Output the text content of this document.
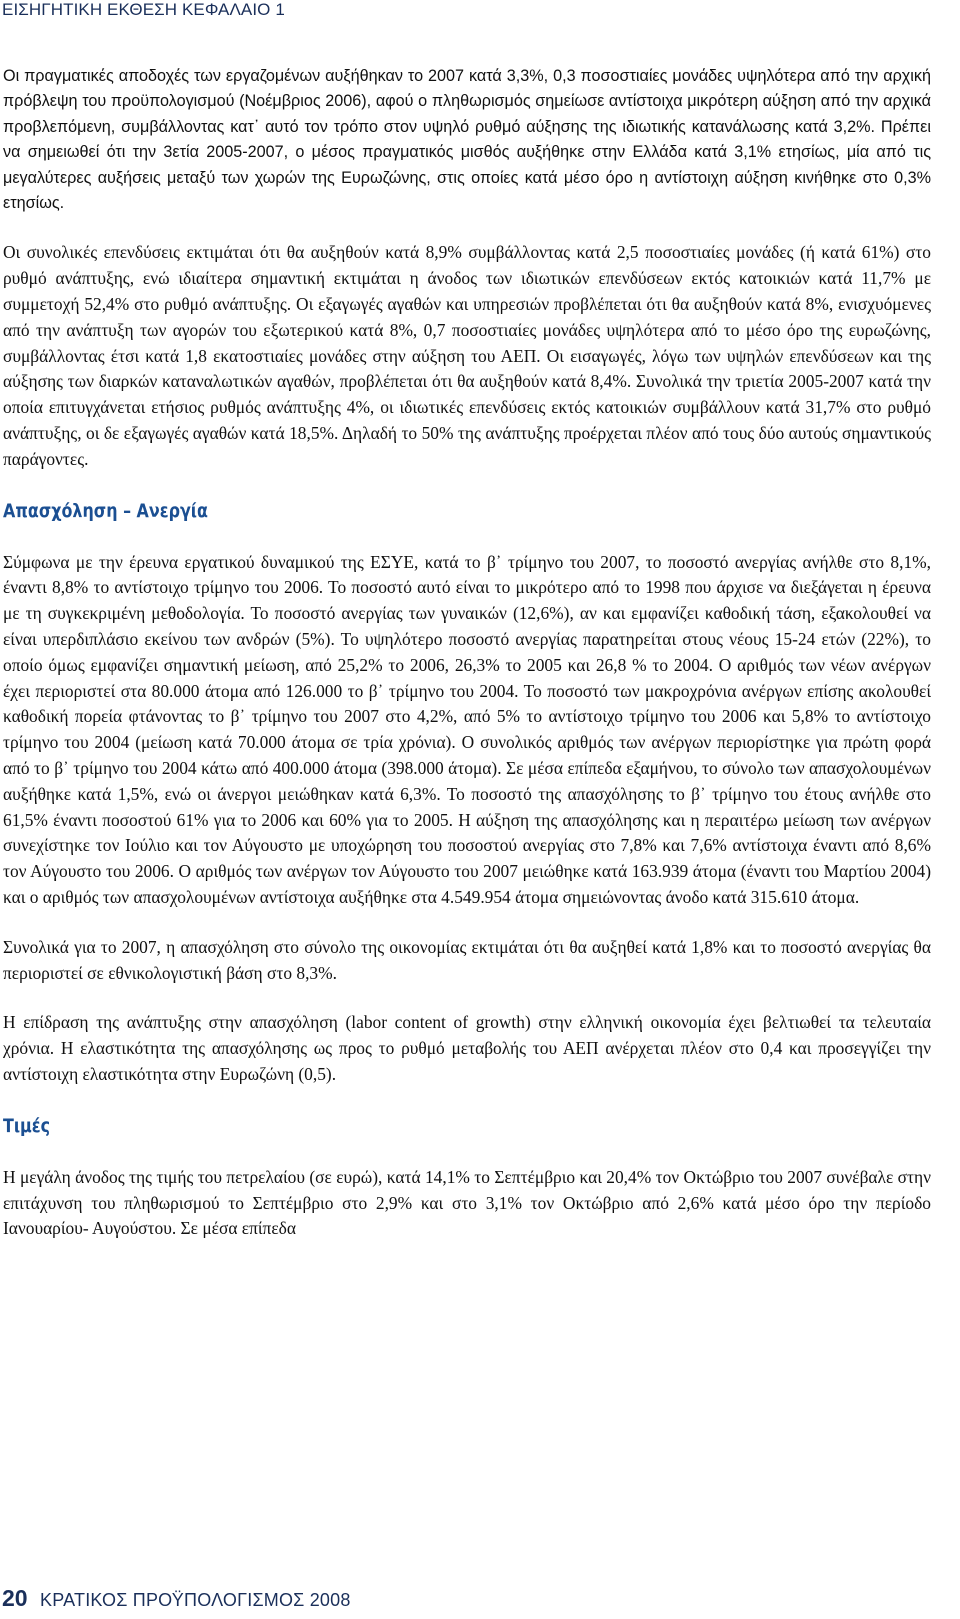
ΕΙΣΗΓΗΤΙΚΗ ΕΚΘΕΣΗ ΚΕΦΑΛΑΙΟ 1

Οι πραγματικές αποδοχές των εργαζομένων αυξήθηκαν το 2007 κατά 3,3%, 0,3 ποσοστιαίες μονάδες υψηλότερα από την αρχική πρόβλεψη του προϋπολογισμού (Νοέμβριος 2006), αφού ο πληθωρισμός σημείωσε αντίστοιχα μικρότερη αύξηση από την αρχικά προβλεπόμενη, συμβάλλοντας κατ᾽ αυτό τον τρόπο στον υψηλό ρυθμό αύξησης της ιδιωτικής κατανάλωσης κατά 3,2%. Πρέπει να σημειωθεί ότι την 3ετία 2005-2007, ο μέσος πραγματικός μισθός αυξήθηκε στην Ελλάδα κατά 3,1% ετησίως, μία από τις μεγαλύτερες αυξήσεις μεταξύ των χωρών της Ευρωζώνης, στις οποίες κατά μέσο όρο η αντίστοιχη αύξηση κινήθηκε στο 0,3% ετησίως.

Οι συνολικές επενδύσεις εκτιμάται ότι θα αυξηθούν κατά 8,9% συμβάλλοντας κατά 2,5 ποσοστιαίες μονάδες (ή κατά 61%) στο ρυθμό ανάπτυξης, ενώ ιδιαίτερα σημαντική εκτιμάται η άνοδος των ιδιωτικών επενδύσεων εκτός κατοικιών κατά 11,7% με συμμετοχή 52,4% στο ρυθμό ανάπτυξης. Οι εξαγωγές αγαθών και υπηρεσιών προβλέπεται ότι θα αυξηθούν κατά 8%, ενισχυόμενες από την ανάπτυξη των αγορών του εξωτερικού κατά 8%, 0,7 ποσοστιαίες μονάδες υψηλότερα από το μέσο όρο της ευρωζώνης, συμβάλλοντας έτσι κατά 1,8 εκατοστιαίες μονάδες στην αύξηση του ΑΕΠ. Οι εισαγωγές, λόγω των υψηλών επενδύσεων και της αύξησης των διαρκών καταναλωτικών αγαθών, προβλέπεται ότι θα αυξηθούν κατά 8,4%. Συνολικά την τριετία 2005-2007 κατά την οποία επιτυγχάνεται ετήσιος ρυθμός ανάπτυξης 4%, οι ιδιωτικές επενδύσεις εκτός κατοικιών συμβάλλουν κατά 31,7% στο ρυθμό ανάπτυξης, οι δε εξαγωγές αγαθών κατά 18,5%. Δηλαδή το 50% της ανάπτυξης προέρχεται πλέον από τους δύο αυτούς σημαντικούς παράγοντες.

Απασχόληση – Ανεργία

Σύμφωνα με την έρευνα εργατικού δυναμικού της ΕΣΥΕ, κατά το β᾽ τρίμηνο του 2007, το ποσοστό ανεργίας ανήλθε στο 8,1%, έναντι 8,8% το αντίστοιχο τρίμηνο του 2006. Το ποσοστό αυτό είναι το μικρότερο από το 1998 που άρχισε να διεξάγεται η έρευνα με τη συγκεκριμένη μεθοδολογία. Το ποσοστό ανεργίας των γυναικών (12,6%), αν και εμφανίζει καθοδική τάση, εξακολουθεί να είναι υπερδιπλάσιο εκείνου των ανδρών (5%). Το υψηλότερο ποσοστό ανεργίας παρατηρείται στους νέους 15-24 ετών (22%), το οποίο όμως εμφανίζει σημαντική μείωση, από 25,2% το 2006, 26,3% το 2005 και 26,8 % το 2004. Ο αριθμός των νέων ανέργων έχει περιοριστεί στα 80.000 άτομα από 126.000 το β᾽ τρίμηνο του 2004. Το ποσοστό των μακροχρόνια ανέργων επίσης ακολουθεί καθοδική πορεία φτάνοντας το β᾽ τρίμηνο του 2007 στο 4,2%, από 5% το αντίστοιχο τρίμηνο του 2006 και 5,8% το αντίστοιχο τρίμηνο του 2004 (μείωση κατά 70.000 άτομα σε τρία χρόνια). Ο συνολικός αριθμός των ανέργων περιορίστηκε για πρώτη φορά από το β᾽ τρίμηνο του 2004 κάτω από 400.000 άτομα (398.000 άτομα). Σε μέσα επίπεδα εξαμήνου, το σύνολο των απασχολουμένων αυξήθηκε κατά 1,5%, ενώ οι άνεργοι μειώθηκαν κατά 6,3%. Το ποσοστό της απασχόλησης το β᾽ τρίμηνο του έτους ανήλθε στο 61,5% έναντι ποσοστού 61% για το 2006 και 60% για το 2005. Η αύξηση της απασχόλησης και η περαιτέρω μείωση των ανέργων συνεχίστηκε τον Ιούλιο και τον Αύγουστο με υποχώρηση του ποσοστού ανεργίας στο 7,8% και 7,6% αντίστοιχα έναντι από 8,6% τον Αύγουστο του 2006. Ο αριθμός των ανέργων τον Αύγουστο του 2007 μειώθηκε κατά 163.939 άτομα (έναντι του Μαρτίου 2004) και ο αριθμός των απασχολουμένων αντίστοιχα αυξήθηκε στα 4.549.954 άτομα σημειώνοντας άνοδο κατά 315.610 άτομα.

Συνολικά για το 2007, η απασχόληση στο σύνολο της οικονομίας εκτιμάται ότι θα αυξηθεί κατά 1,8% και το ποσοστό ανεργίας θα περιοριστεί σε εθνικολογιστική βάση στο 8,3%.

Η επίδραση της ανάπτυξης στην απασχόληση (labor content of growth) στην ελληνική οικονομία έχει βελτιωθεί τα τελευταία χρόνια. Η ελαστικότητα της απασχόλησης ως προς το ρυθμό μεταβολής του ΑΕΠ ανέρχεται πλέον στο 0,4 και προσεγγίζει την αντίστοιχη ελαστικότητα στην Ευρωζώνη (0,5).

Τιμές

Η μεγάλη άνοδος της τιμής του πετρελαίου (σε ευρώ), κατά 14,1% το Σεπτέμβριο και 20,4% τον Οκτώβριο του 2007 συνέβαλε στην επιτάχυνση του πληθωρισμού το Σεπτέμβριο στο 2,9% και στο 3,1% τον Οκτώβριο από 2,6% κατά μέσο όρο την περίοδο Ιανουαρίου- Αυγούστου. Σε μέσα επίπεδα

20 ΚΡΑΤΙΚΟΣ ΠΡΟΫΠΟΛΟΓΙΣΜΟΣ 2008
